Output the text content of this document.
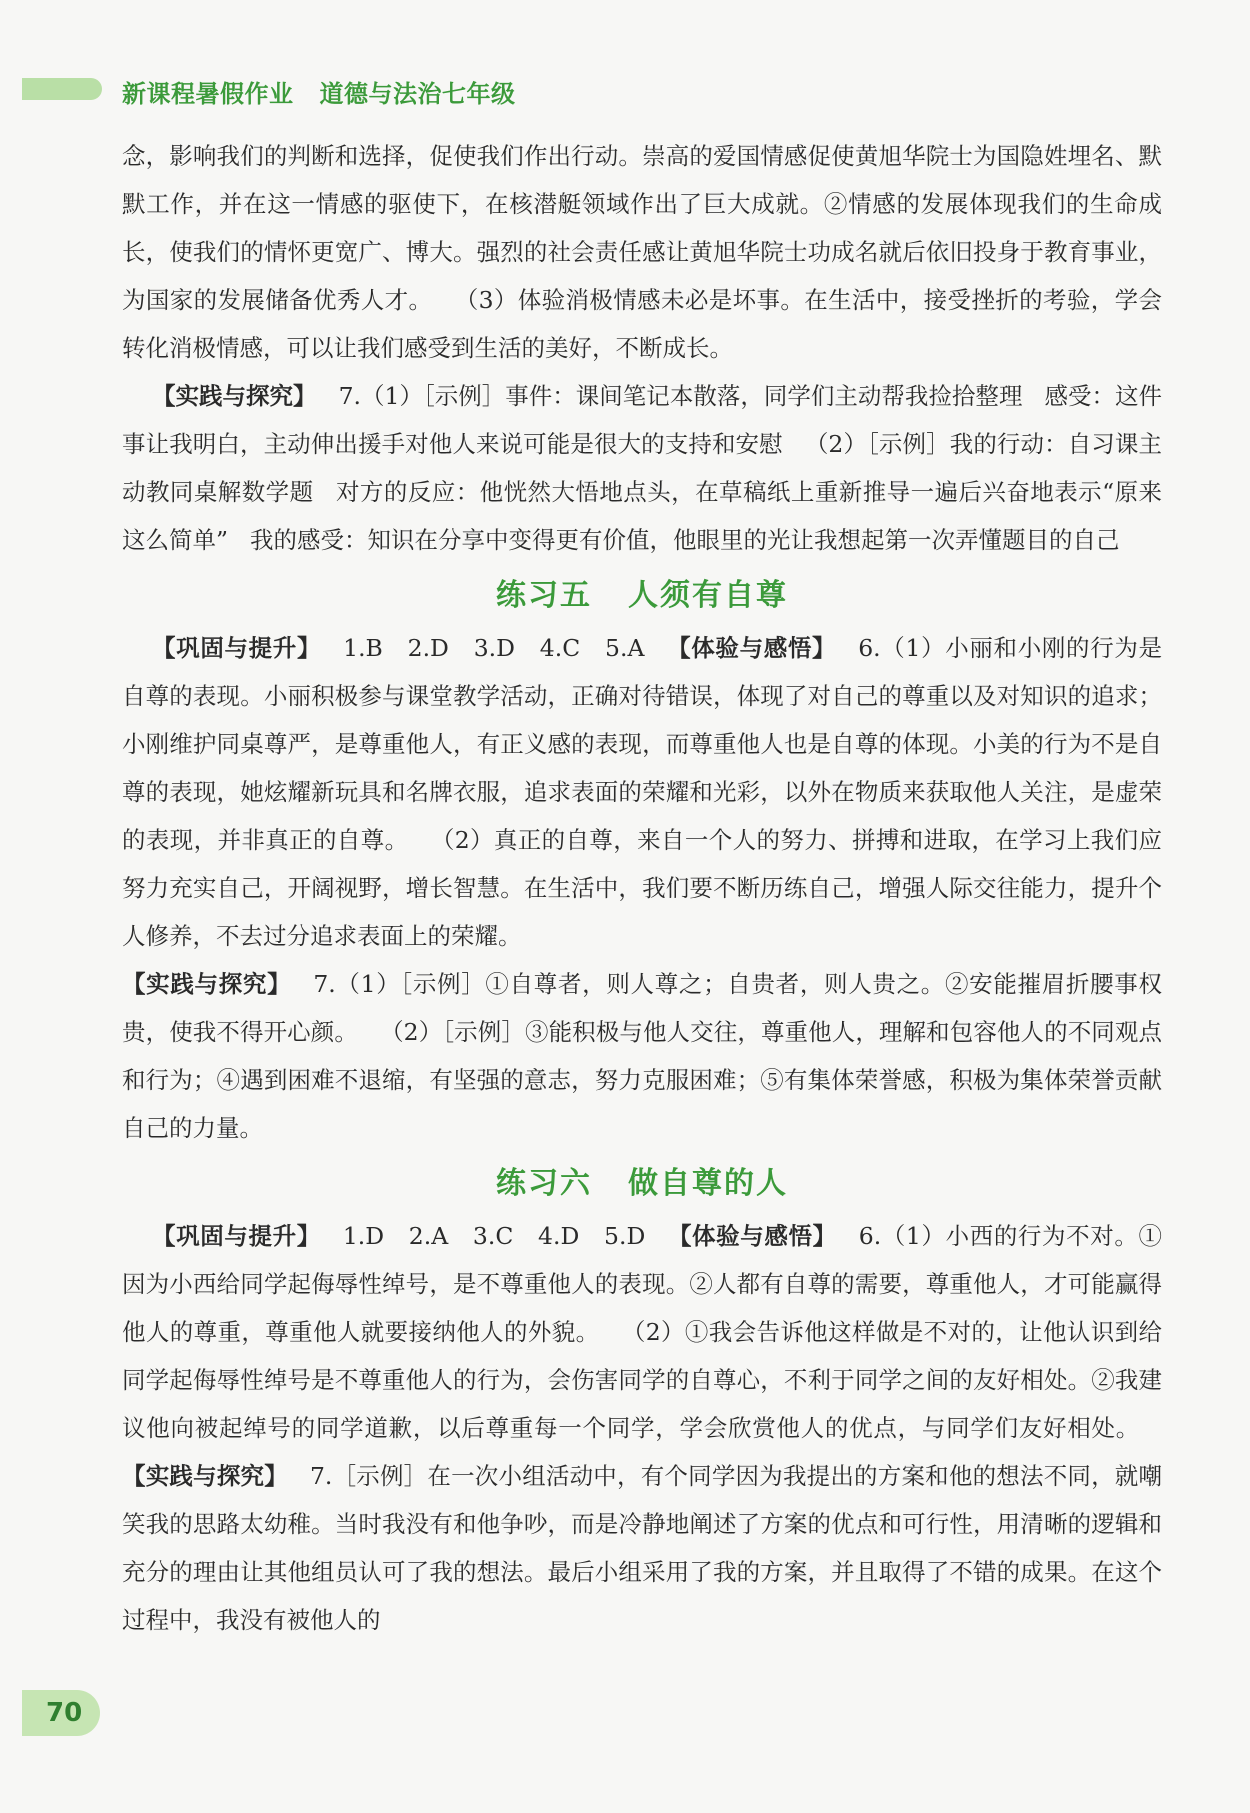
新课程暑假作业 道德与法治七年级

念，影响我们的判断和选择，促使我们作出行动。崇高的爱国情感促使黄旭华院士为国隐姓埋名、默默工作，并在这一情感的驱使下，在核潜艇领域作出了巨大成就。②情感的发展体现我们的生命成长，使我们的情怀更宽广、博大。强烈的社会责任感让黄旭华院士功成名就后依旧投身于教育事业，为国家的发展储备优秀人才。 （3）体验消极情感未必是坏事。在生活中，接受挫折的考验，学会转化消极情感，可以让我们感受到生活的美好，不断成长。

【实践与探究】 7.（1）［示例］事件：课间笔记本散落，同学们主动帮我捡拾整理 感受：这件事让我明白，主动伸出援手对他人来说可能是很大的支持和安慰 （2）［示例］我的行动：自习课主动教同桌解数学题 对方的反应：他恍然大悟地点头，在草稿纸上重新推导一遍后兴奋地表示“原来这么简单” 我的感受：知识在分享中变得更有价值，他眼里的光让我想起第一次弄懂题目的自己

练习五 人须有自尊

【巩固与提升】 1.B　2.D　3.D　4.C　5.A 【体验与感悟】 6.（1）小丽和小刚的行为是自尊的表现。小丽积极参与课堂教学活动，正确对待错误，体现了对自己的尊重以及对知识的追求；小刚维护同桌尊严，是尊重他人，有正义感的表现，而尊重他人也是自尊的体现。小美的行为不是自尊的表现，她炫耀新玩具和名牌衣服，追求表面的荣耀和光彩，以外在物质来获取他人关注，是虚荣的表现，并非真正的自尊。 （2）真正的自尊，来自一个人的努力、拼搏和进取，在学习上我们应努力充实自己，开阔视野，增长智慧。在生活中，我们要不断历练自己，增强人际交往能力，提升个人修养，不去过分追求表面上的荣耀。

【实践与探究】 7.（1）［示例］①自尊者，则人尊之；自贵者，则人贵之。②安能摧眉折腰事权贵，使我不得开心颜。 （2）［示例］③能积极与他人交往，尊重他人，理解和包容他人的不同观点和行为；④遇到困难不退缩，有坚强的意志，努力克服困难；⑤有集体荣誉感，积极为集体荣誉贡献自己的力量。

练习六 做自尊的人

【巩固与提升】 1.D　2.A　3.C　4.D　5.D 【体验与感悟】 6.（1）小西的行为不对。①因为小西给同学起侮辱性绰号，是不尊重他人的表现。②人都有自尊的需要，尊重他人，才可能赢得他人的尊重，尊重他人就要接纳他人的外貌。 （2）①我会告诉他这样做是不对的，让他认识到给同学起侮辱性绰号是不尊重他人的行为，会伤害同学的自尊心，不利于同学之间的友好相处。②我建议他向被起绰号的同学道歉，以后尊重每一个同学，学会欣赏他人的优点，与同学们友好相处。【实践与探究】 7.［示例］在一次小组活动中，有个同学因为我提出的方案和他的想法不同，就嘲笑我的思路太幼稚。当时我没有和他争吵，而是冷静地阐述了方案的优点和可行性，用清晰的逻辑和充分的理由让其他组员认可了我的想法。最后小组采用了我的方案，并且取得了不错的成果。在这个过程中，我没有被他人的

70
